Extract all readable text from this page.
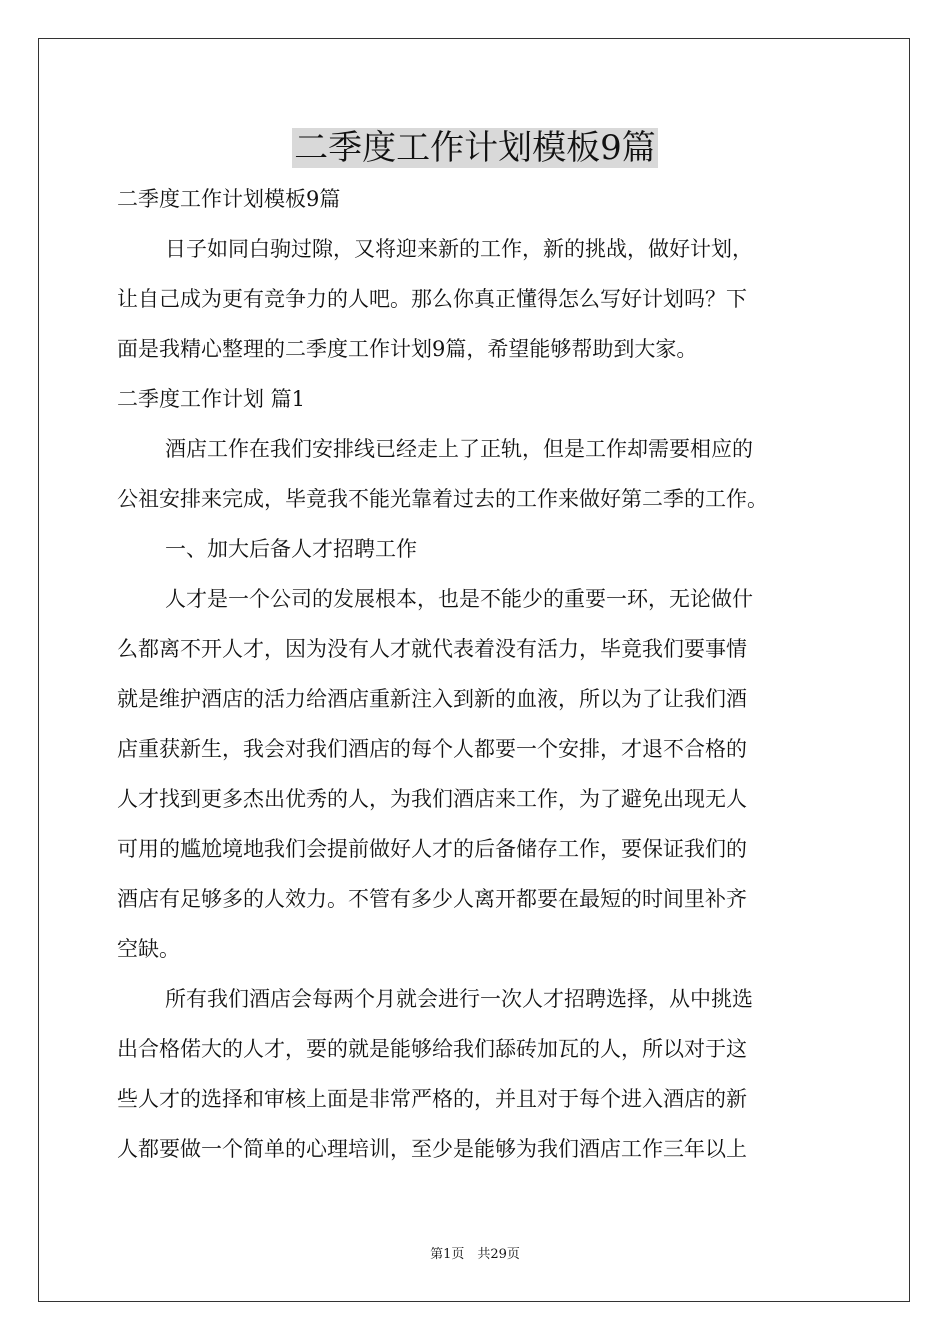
二季度工作计划模板9篇
二季度工作计划模板9篇
日子如同白驹过隙，又将迎来新的工作，新的挑战，做好计划，
让自己成为更有竞争力的人吧。那么你真正懂得怎么写好计划吗？下
面是我精心整理的二季度工作计划9篇，希望能够帮助到大家。
二季度工作计划 篇1
酒店工作在我们安排线已经走上了正轨，但是工作却需要相应的
公祖安排来完成，毕竟我不能光靠着过去的工作来做好第二季的工作。
一、加大后备人才招聘工作
人才是一个公司的发展根本，也是不能少的重要一环，无论做什
么都离不开人才，因为没有人才就代表着没有活力，毕竟我们要事情
就是维护酒店的活力给酒店重新注入到新的血液，所以为了让我们酒
店重获新生，我会对我们酒店的每个人都要一个安排，才退不合格的
人才找到更多杰出优秀的人，为我们酒店来工作，为了避免出现无人
可用的尴尬境地我们会提前做好人才的后备储存工作，要保证我们的
酒店有足够多的人效力。不管有多少人离开都要在最短的时间里补齐
空缺。
所有我们酒店会每两个月就会进行一次人才招聘选择，从中挑选
出合格偌大的人才，要的就是能够给我们舔砖加瓦的人，所以对于这
些人才的选择和审核上面是非常严格的，并且对于每个进入酒店的新
人都要做一个简单的心理培训，至少是能够为我们酒店工作三年以上
第1页　共29页
